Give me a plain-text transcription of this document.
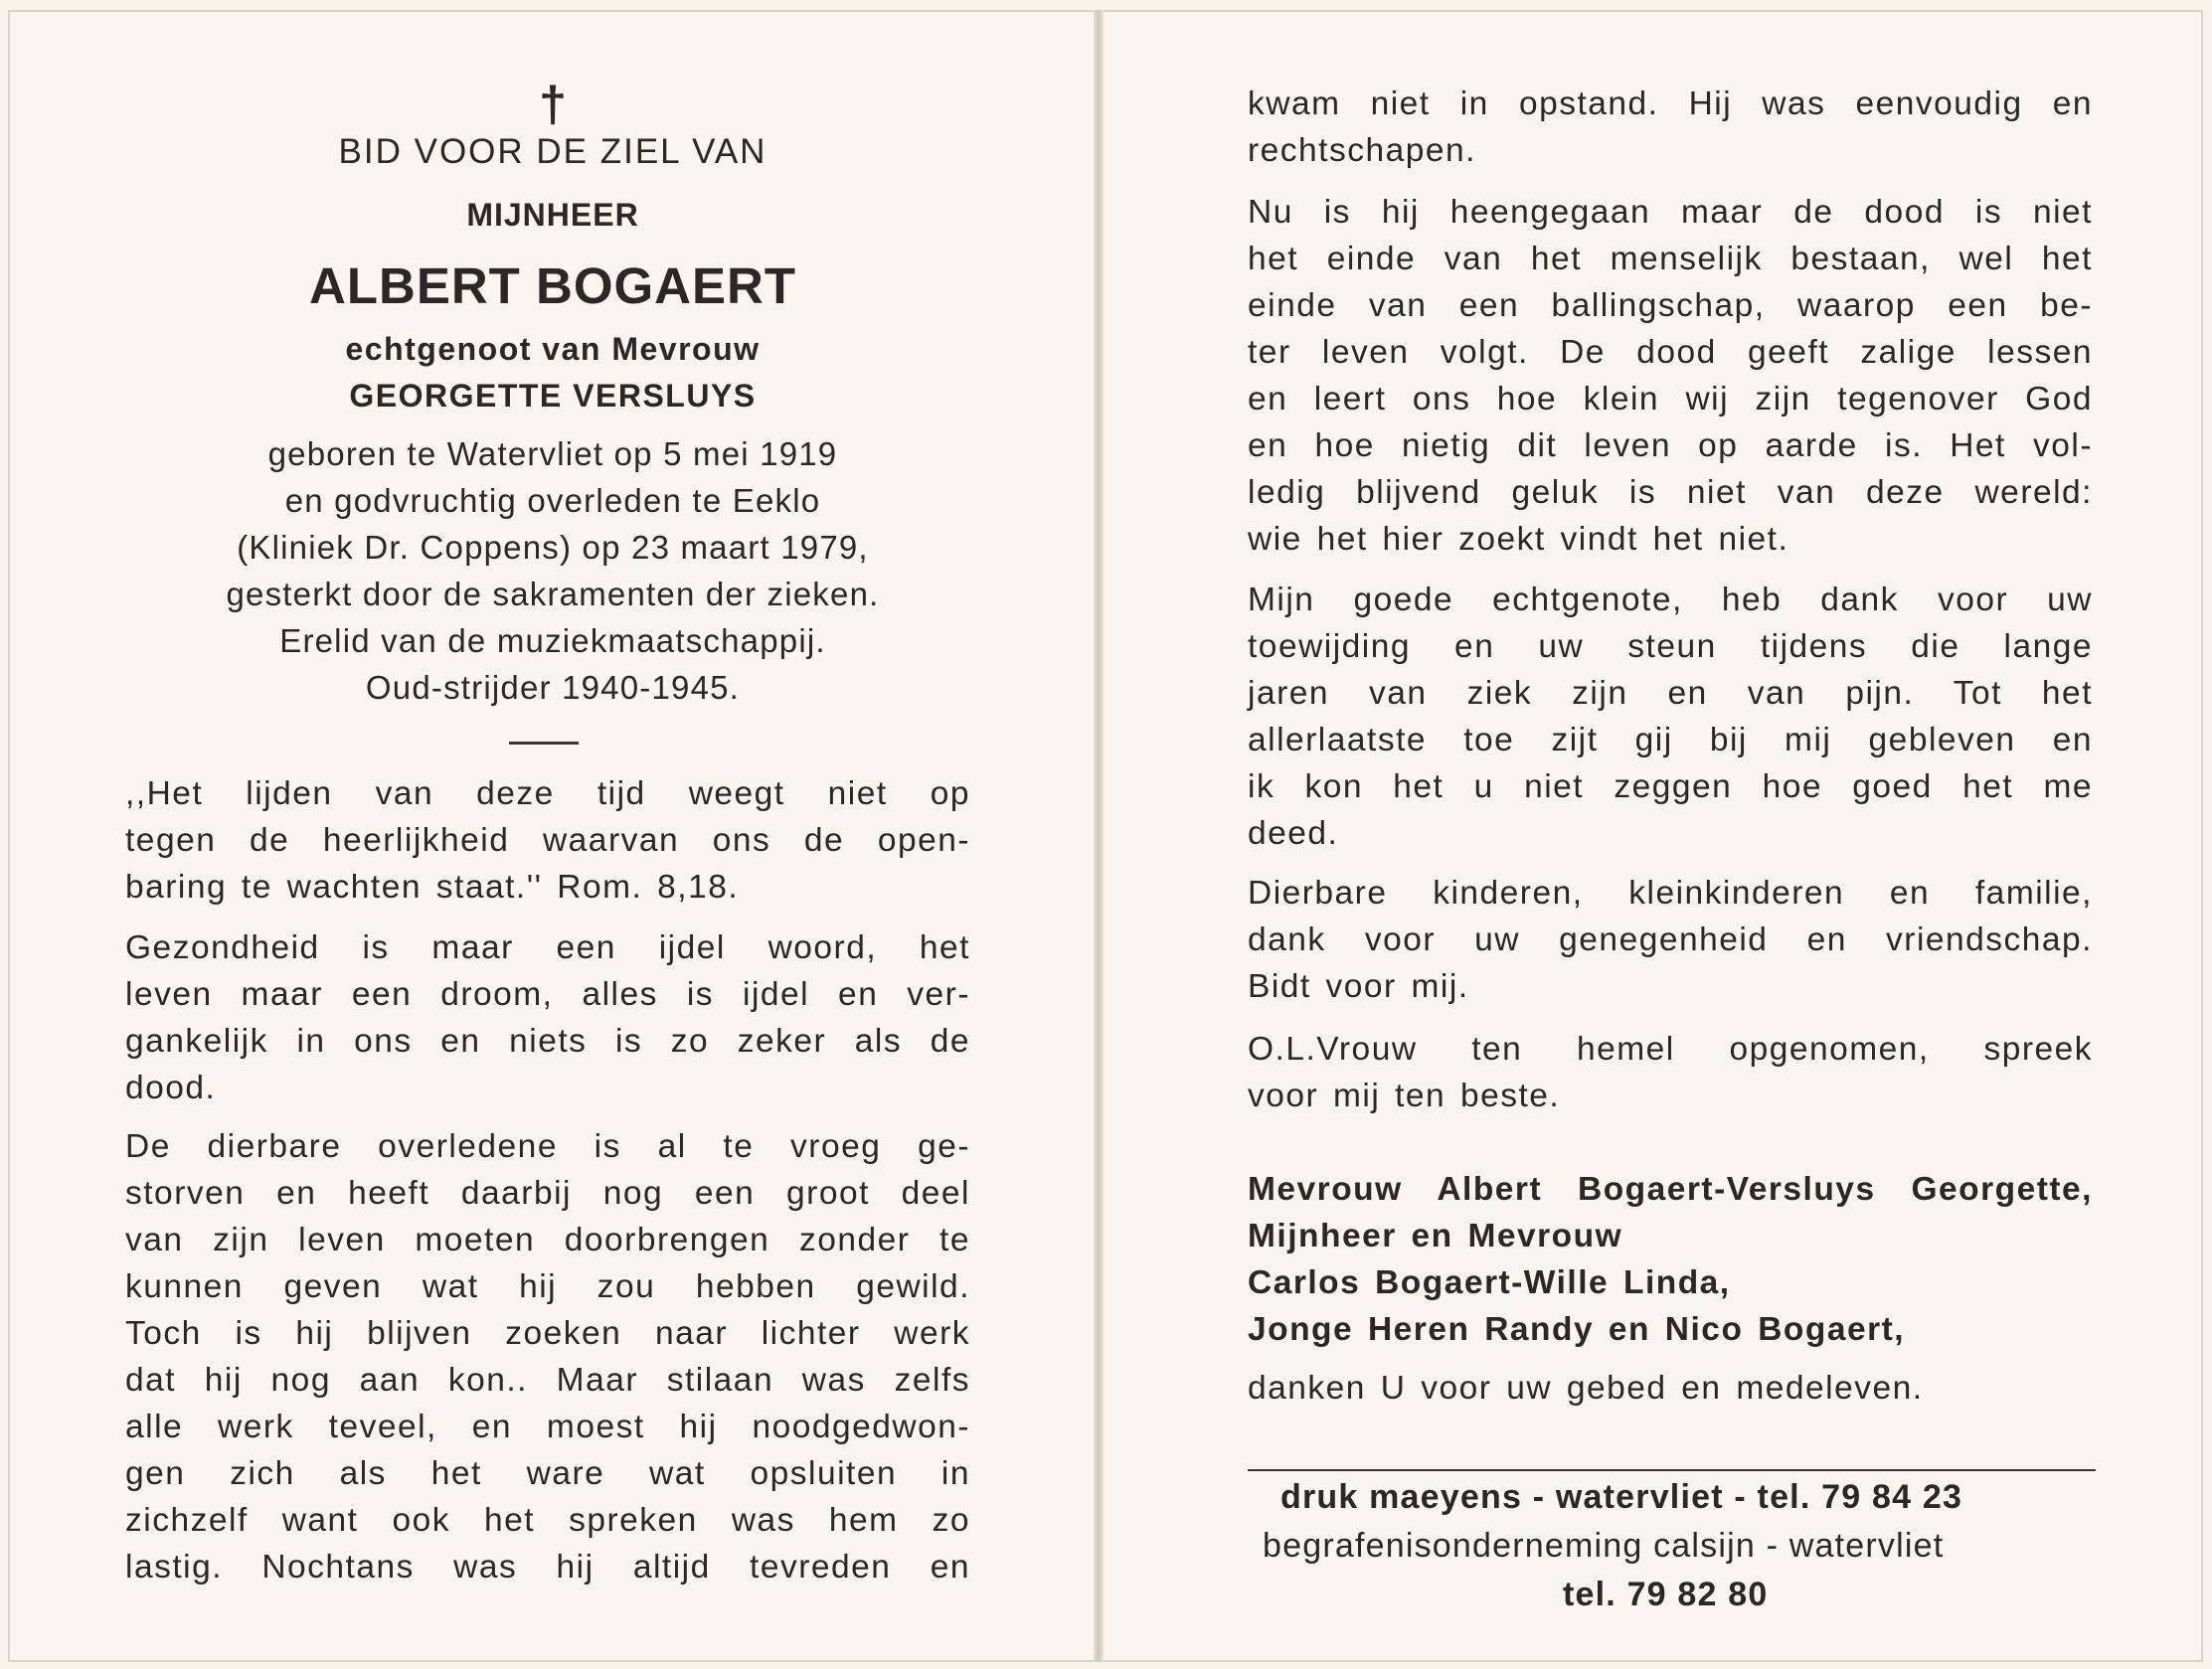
†
BID VOOR DE ZIEL VAN
MIJNHEER
ALBERT BOGAERT
echtgenoot van Mevrouw
GEORGETTE VERSLUYS
geboren te Watervliet op 5 mei 1919
en godvruchtig overleden te Eeklo
(Kliniek Dr. Coppens) op 23 maart 1979,
gesterkt door de sakramenten der zieken.
Erelid van de muziekmaatschappij.
Oud-strijder 1940-1945.
,,Het lijden van deze tijd weegt niet op
tegen de heerlijkheid waarvan ons de open-
baring te wachten staat.'' Rom. 8,18.
Gezondheid is maar een ijdel woord, het
leven maar een droom, alles is ijdel en ver-
gankelijk in ons en niets is zo zeker als de
dood.
De dierbare overledene is al te vroeg ge-
storven en heeft daarbij nog een groot deel
van zijn leven moeten doorbrengen zonder te
kunnen geven wat hij zou hebben gewild.
Toch is hij blijven zoeken naar lichter werk
dat hij nog aan kon.. Maar stilaan was zelfs
alle werk teveel, en moest hij noodgedwon-
gen zich als het ware wat opsluiten in
zichzelf want ook het spreken was hem zo
lastig. Nochtans was hij altijd tevreden en
kwam niet in opstand. Hij was eenvoudig en
rechtschapen.
Nu is hij heengegaan maar de dood is niet
het einde van het menselijk bestaan, wel het
einde van een ballingschap, waarop een be-
ter leven volgt. De dood geeft zalige lessen
en leert ons hoe klein wij zijn tegenover God
en hoe nietig dit leven op aarde is. Het vol-
ledig blijvend geluk is niet van deze wereld:
wie het hier zoekt vindt het niet.
Mijn goede echtgenote, heb dank voor uw
toewijding en uw steun tijdens die lange
jaren van ziek zijn en van pijn. Tot het
allerlaatste toe zijt gij bij mij gebleven en
ik kon het u niet zeggen hoe goed het me
deed.
Dierbare kinderen, kleinkinderen en familie,
dank voor uw genegenheid en vriendschap.
Bidt voor mij.
O.L.Vrouw ten hemel opgenomen, spreek
voor mij ten beste.
Mevrouw Albert Bogaert-Versluys Georgette,
Mijnheer en Mevrouw
Carlos Bogaert-Wille Linda,
Jonge Heren Randy en Nico Bogaert,
danken U voor uw gebed en medeleven.
druk maeyens - watervliet - tel. 79 84 23
begrafenisonderneming calsijn - watervliet
tel. 79 82 80
